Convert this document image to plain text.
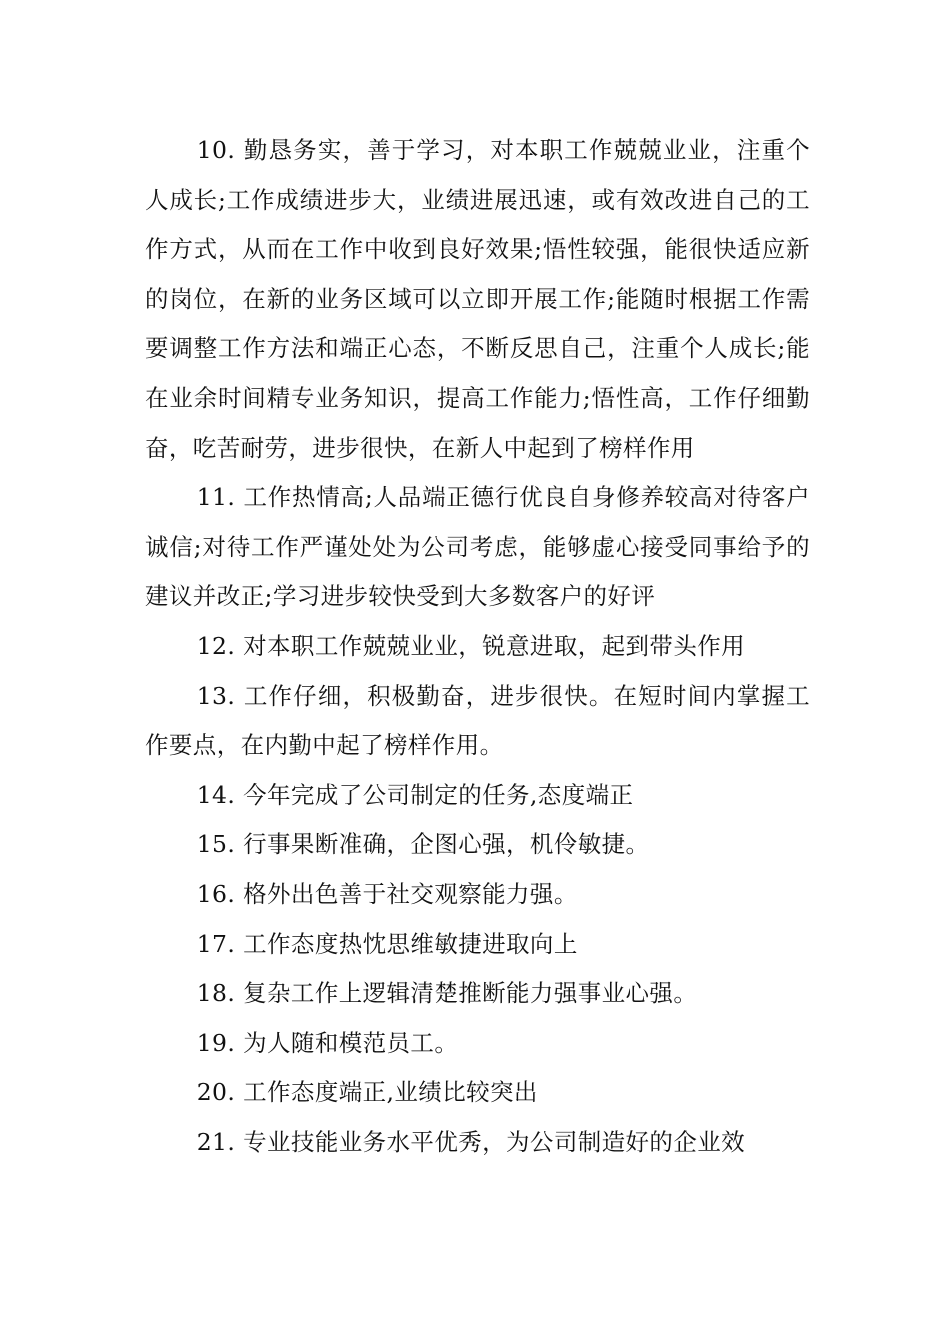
10. 勤恳务实，善于学习，对本职工作兢兢业业，注重个人成长;工作成绩进步大，业绩进展迅速，或有效改进自己的工作方式，从而在工作中收到良好效果;悟性较强，能很快适应新的岗位，在新的业务区域可以立即开展工作;能随时根据工作需要调整工作方法和端正心态，不断反思自己，注重个人成长;能在业余时间精专业务知识，提高工作能力;悟性高，工作仔细勤奋，吃苦耐劳，进步很快，在新人中起到了榜样作用

11. 工作热情高;人品端正德行优良自身修养较高对待客户诚信;对待工作严谨处处为公司考虑，能够虚心接受同事给予的建议并改正;学习进步较快受到大多数客户的好评

12. 对本职工作兢兢业业，锐意进取，起到带头作用

13. 工作仔细，积极勤奋，进步很快。在短时间内掌握工作要点，在内勤中起了榜样作用。

14. 今年完成了公司制定的任务,态度端正

15. 行事果断准确，企图心强，机伶敏捷。

16. 格外出色善于社交观察能力强。

17. 工作态度热忱思维敏捷进取向上

18. 复杂工作上逻辑清楚推断能力强事业心强。

19. 为人随和模范员工。

20. 工作态度端正,业绩比较突出

21. 专业技能业务水平优秀，为公司制造好的企业效
